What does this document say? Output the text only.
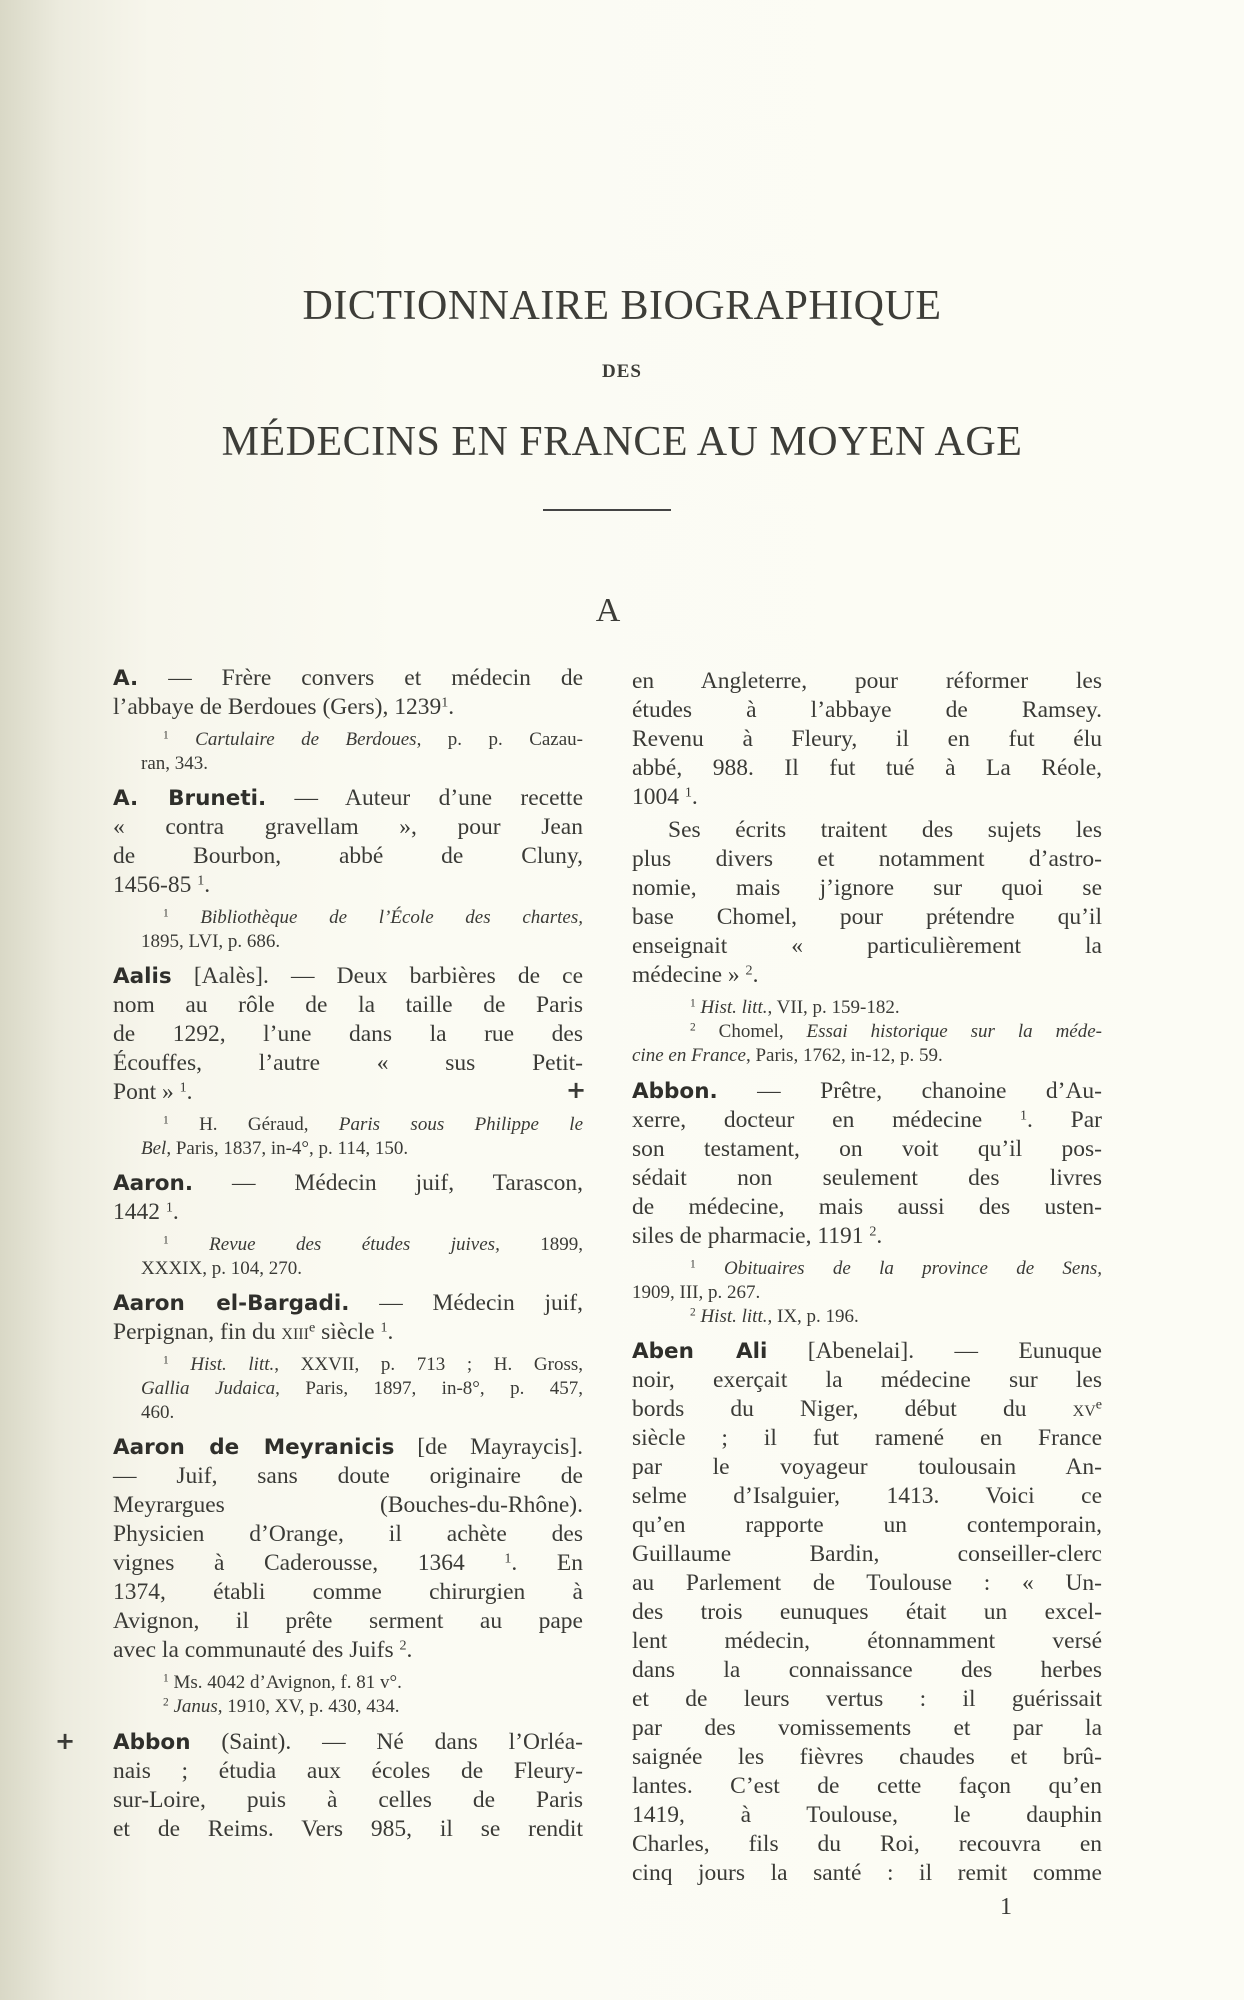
DICTIONNAIRE BIOGRAPHIQUE
DES
MÉDECINS EN FRANCE AU MOYEN AGE
A
A. — Frère convers et médecin de
l’abbaye de Berdoues (Gers), 1239$^1$.
$^1$ Cartulaire de Berdoues, p. p. Cazau-
ran, 343.
A. Bruneti. — Auteur d’une recette
« contra gravellam », pour Jean
de Bourbon, abbé de Cluny,
1456-85 $^1$.
$^1$ Bibliothèque de l’École des chartes,
1895, LVI, p. 686.
Aalis [Aalès]. — Deux barbières de ce
nom au rôle de la taille de Paris
de 1292, l’une dans la rue des
Écouffes, l’autre « sus Petit-
Pont » $^1$.
$^1$ H. Géraud, Paris sous Philippe le
Bel, Paris, 1837, in-4°, p. 114, 150.
Aaron. — Médecin juif, Tarascon,
1442 $^1$.
$^1$ Revue des études juives, 1899,
XXXIX, p. 104, 270.
Aaron el-Bargadi. — Médecin juif,
Perpignan, fin du xiii$^e$ siècle $^1$.
$^1$ Hist. litt., XXVII, p. 713 ; H. Gross,
Gallia Judaica, Paris, 1897, in-8°, p. 457,
460.
Aaron de Meyranicis [de Mayraycis].
— Juif, sans doute originaire de
Meyrargues (Bouches-du-Rhône).
Physicien d’Orange, il achète des
vignes à Caderousse, 1364	$^1$. En
1374, établi comme chirurgien à
Avignon, il prête serment au pape
avec la communauté des Juifs $^2$.
$^1$ Ms. 4042 d’Avignon, f. 81 v°.
$^2$ Janus, 1910, XV, p. 430, 434.
+ Abbon (Saint). — Né dans l’Orléa-
nais ; étudia aux écoles de Fleury-
sur-Loire, puis à celles de Paris
et de Reims. Vers 985, il se rendit
en Angleterre, pour réformer les
études à l’abbaye de Ramsey.
Revenu à Fleury, il en fut élu
abbé, 988. Il fut tué à La Réole,
1004 $^1$.
Ses écrits traitent des sujets les
plus divers et notamment d’astro-
nomie, mais j’ignore sur quoi se
base Chomel, pour prétendre qu’il
enseignait « particulièrement la
médecine » $^2$.
$^1$ Hist. litt., VII, p. 159-182.
$^2$ Chomel, Essai historique sur la méde-
cine en France, Paris, 1762, in-12, p. 59.
+ Abbon. — Prêtre, chanoine d’Au-
xerre, docteur en médecine	$^1$. Par
son testament, on voit qu’il pos-
sédait non seulement des livres
de médecine, mais aussi des usten-
siles de pharmacie, 1191 $^2$.
$^1$ Obituaires de la province de Sens,
1909, III, p. 267.
$^2$ Hist. litt., IX, p. 196.
Aben Ali [Abenelai]. — Eunuque
noir, exerçait la médecine sur les
bords du Niger, début du $xv^e$
siècle ; il fut ramené en France
par le voyageur toulousain An-
selme d’Isalguier, 1413. Voici ce
qu’en rapporte un contemporain,
Guillaume Bardin, conseiller-clerc
au Parlement de Toulouse : « Un-
des trois eunuques était un excel-
lent médecin, étonnamment versé
dans la connaissance des herbes
et de leurs vertus : il guérissait
par des vomissements et par la
saignée les fièvres chaudes et brû-
lantes. C’est de cette façon qu’en
1419, à Toulouse, le dauphin
Charles, fils du Roi, recouvra en
cinq jours la santé : il remit comme
1
